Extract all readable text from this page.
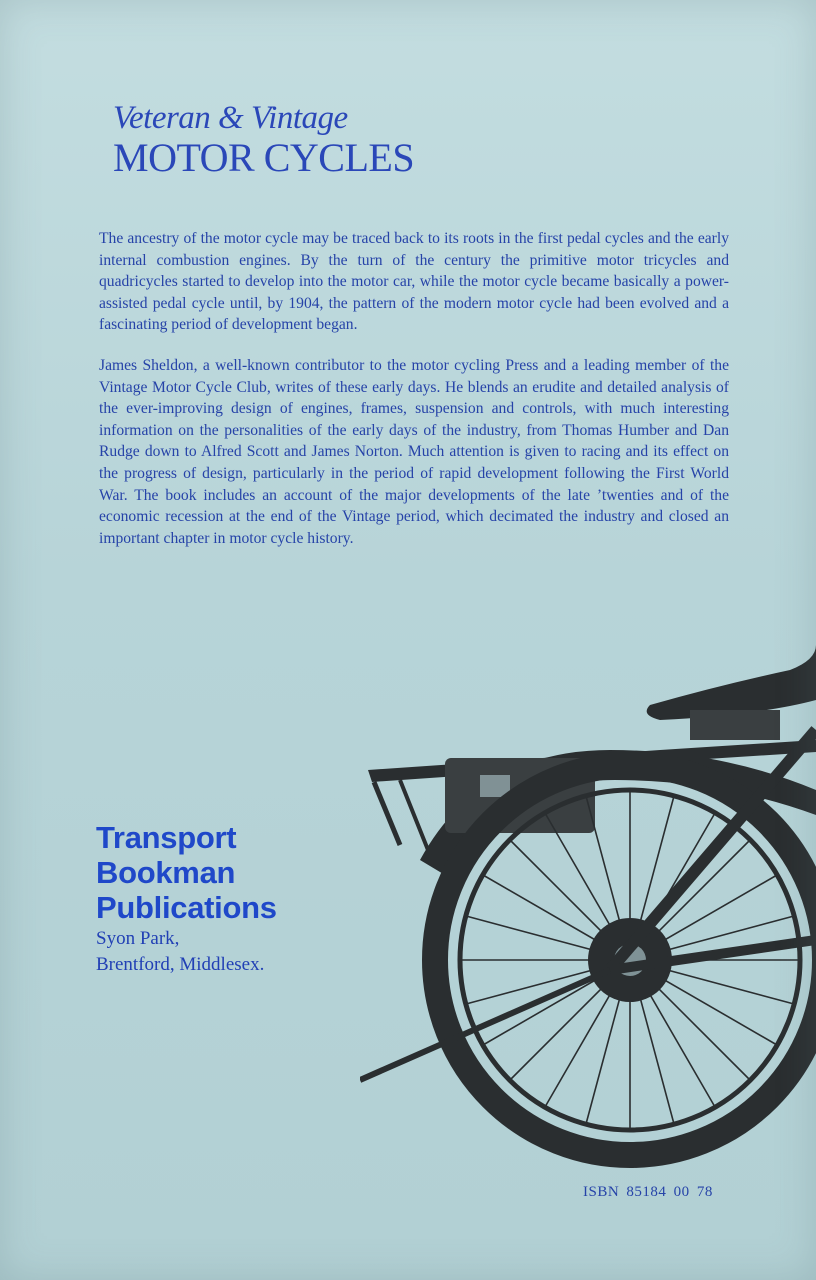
Veteran & Vintage
MOTOR CYCLES

The ancestry of the motor cycle may be traced back to its roots in the first pedal cycles and the early internal combustion engines. By the turn of the century the primitive motor tricycles and quadricycles started to develop into the motor car, while the motor cycle became basically a power-assisted pedal cycle until, by 1904, the pattern of the modern motor cycle had been evolved and a fascinating period of development began.

James Sheldon, a well-known contributor to the motor cycling Press and a leading member of the Vintage Motor Cycle Club, writes of these early days. He blends an erudite and detailed analysis of the ever-improving design of engines, frames, suspension and controls, with much interesting information on the personalities of the early days of the industry, from Thomas Humber and Dan Rudge down to Alfred Scott and James Norton. Much attention is given to racing and its effect on the progress of design, particularly in the period of rapid development following the First World War. The book includes an account of the major developments of the late ’twenties and of the economic recession at the end of the Vintage period, which decimated the industry and closed an important chapter in motor cycle history.

Transport
Bookman
Publications
Syon Park,
Brentford, Middlesex.
ISBN 85184 00 78
